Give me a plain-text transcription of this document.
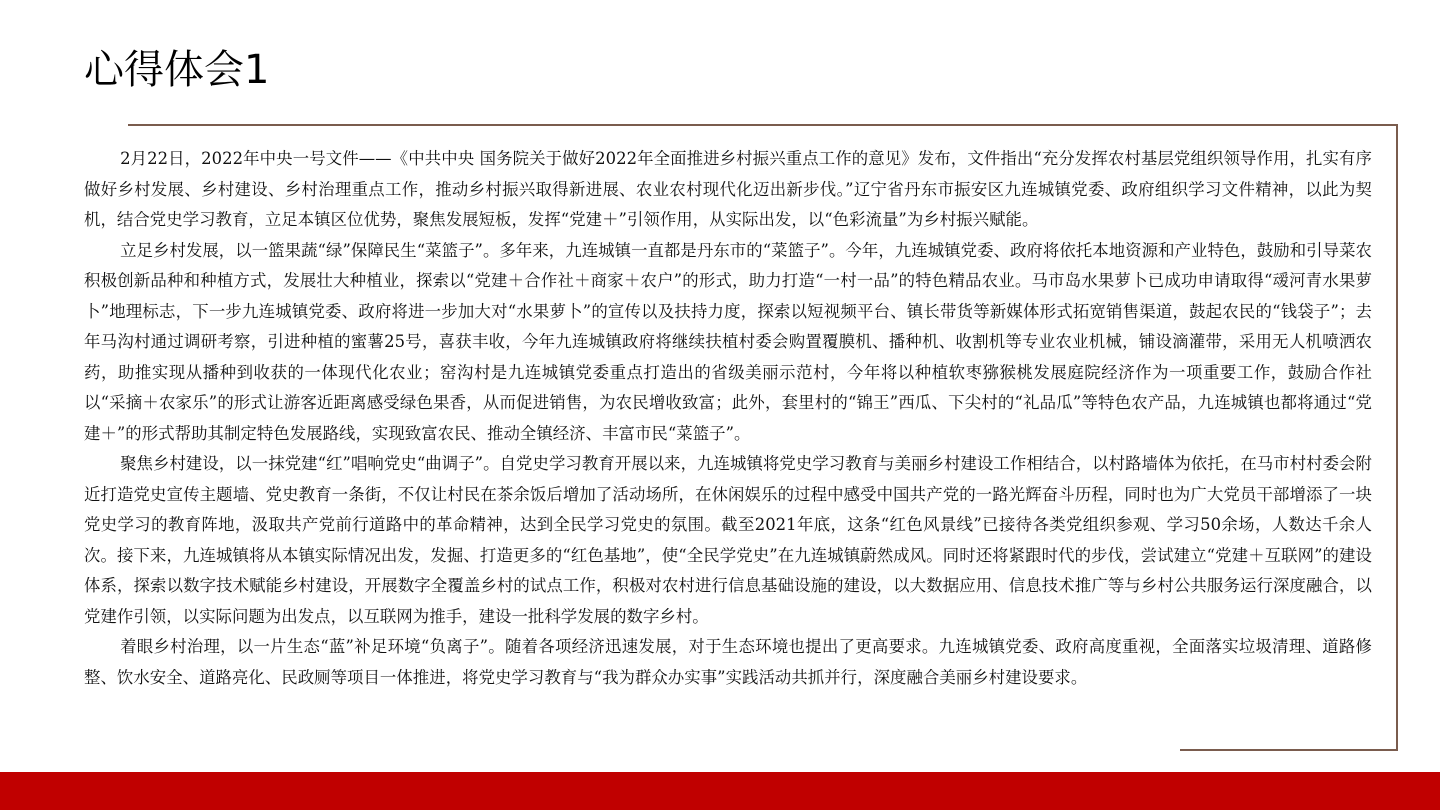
心得体会1

2月22日，2022年中央一号文件——《中共中央 国务院关于做好2022年全面推进乡村振兴重点工作的意见》发布，文件指出“充分发挥农村基层党组织领导作用，扎实有序做好乡村发展、乡村建设、乡村治理重点工作，推动乡村振兴取得新进展、农业农村现代化迈出新步伐。”辽宁省丹东市振安区九连城镇党委、政府组织学习文件精神，以此为契机，结合党史学习教育，立足本镇区位优势，聚焦发展短板，发挥“党建＋”引领作用，从实际出发，以“色彩流量”为乡村振兴赋能。

立足乡村发展，以一篮果蔬“绿”保障民生“菜篮子”。多年来，九连城镇一直都是丹东市的“菜篮子”。今年，九连城镇党委、政府将依托本地资源和产业特色，鼓励和引导菜农积极创新品种和种植方式，发展壮大种植业，探索以“党建＋合作社＋商家＋农户”的形式，助力打造“一村一品”的特色精品农业。马市岛水果萝卜已成功申请取得“叆河青水果萝卜”地理标志，下一步九连城镇党委、政府将进一步加大对“水果萝卜”的宣传以及扶持力度，探索以短视频平台、镇长带货等新媒体形式拓宽销售渠道，鼓起农民的“钱袋子”；去年马沟村通过调研考察，引进种植的蜜薯25号，喜获丰收，今年九连城镇政府将继续扶植村委会购置覆膜机、播种机、收割机等专业农业机械，铺设滴灌带，采用无人机喷洒农药，助推实现从播种到收获的一体现代化农业；窑沟村是九连城镇党委重点打造出的省级美丽示范村，今年将以种植软枣猕猴桃发展庭院经济作为一项重要工作，鼓励合作社以“采摘＋农家乐”的形式让游客近距离感受绿色果香，从而促进销售，为农民增收致富；此外，套里村的“锦王”西瓜、下尖村的“礼品瓜”等特色农产品，九连城镇也都将通过“党建＋”的形式帮助其制定特色发展路线，实现致富农民、推动全镇经济、丰富市民“菜篮子”。

聚焦乡村建设，以一抹党建“红”唱响党史“曲调子”。自党史学习教育开展以来，九连城镇将党史学习教育与美丽乡村建设工作相结合，以村路墙体为依托，在马市村村委会附近打造党史宣传主题墙、党史教育一条街，不仅让村民在茶余饭后增加了活动场所，在休闲娱乐的过程中感受中国共产党的一路光辉奋斗历程，同时也为广大党员干部增添了一块党史学习的教育阵地，汲取共产党前行道路中的革命精神，达到全民学习党史的氛围。截至2021年底，这条“红色风景线”已接待各类党组织参观、学习50余场，人数达千余人次。接下来，九连城镇将从本镇实际情况出发，发掘、打造更多的“红色基地”，使“全民学党史”在九连城镇蔚然成风。同时还将紧跟时代的步伐，尝试建立“党建＋互联网”的建设体系，探索以数字技术赋能乡村建设，开展数字全覆盖乡村的试点工作，积极对农村进行信息基础设施的建设，以大数据应用、信息技术推广等与乡村公共服务运行深度融合，以党建作引领，以实际问题为出发点，以互联网为推手，建设一批科学发展的数字乡村。

着眼乡村治理，以一片生态“蓝”补足环境“负离子”。随着各项经济迅速发展，对于生态环境也提出了更高要求。九连城镇党委、政府高度重视，全面落实垃圾清理、道路修整、饮水安全、道路亮化、民政厕等项目一体推进，将党史学习教育与“我为群众办实事”实践活动共抓并行，深度融合美丽乡村建设要求。
